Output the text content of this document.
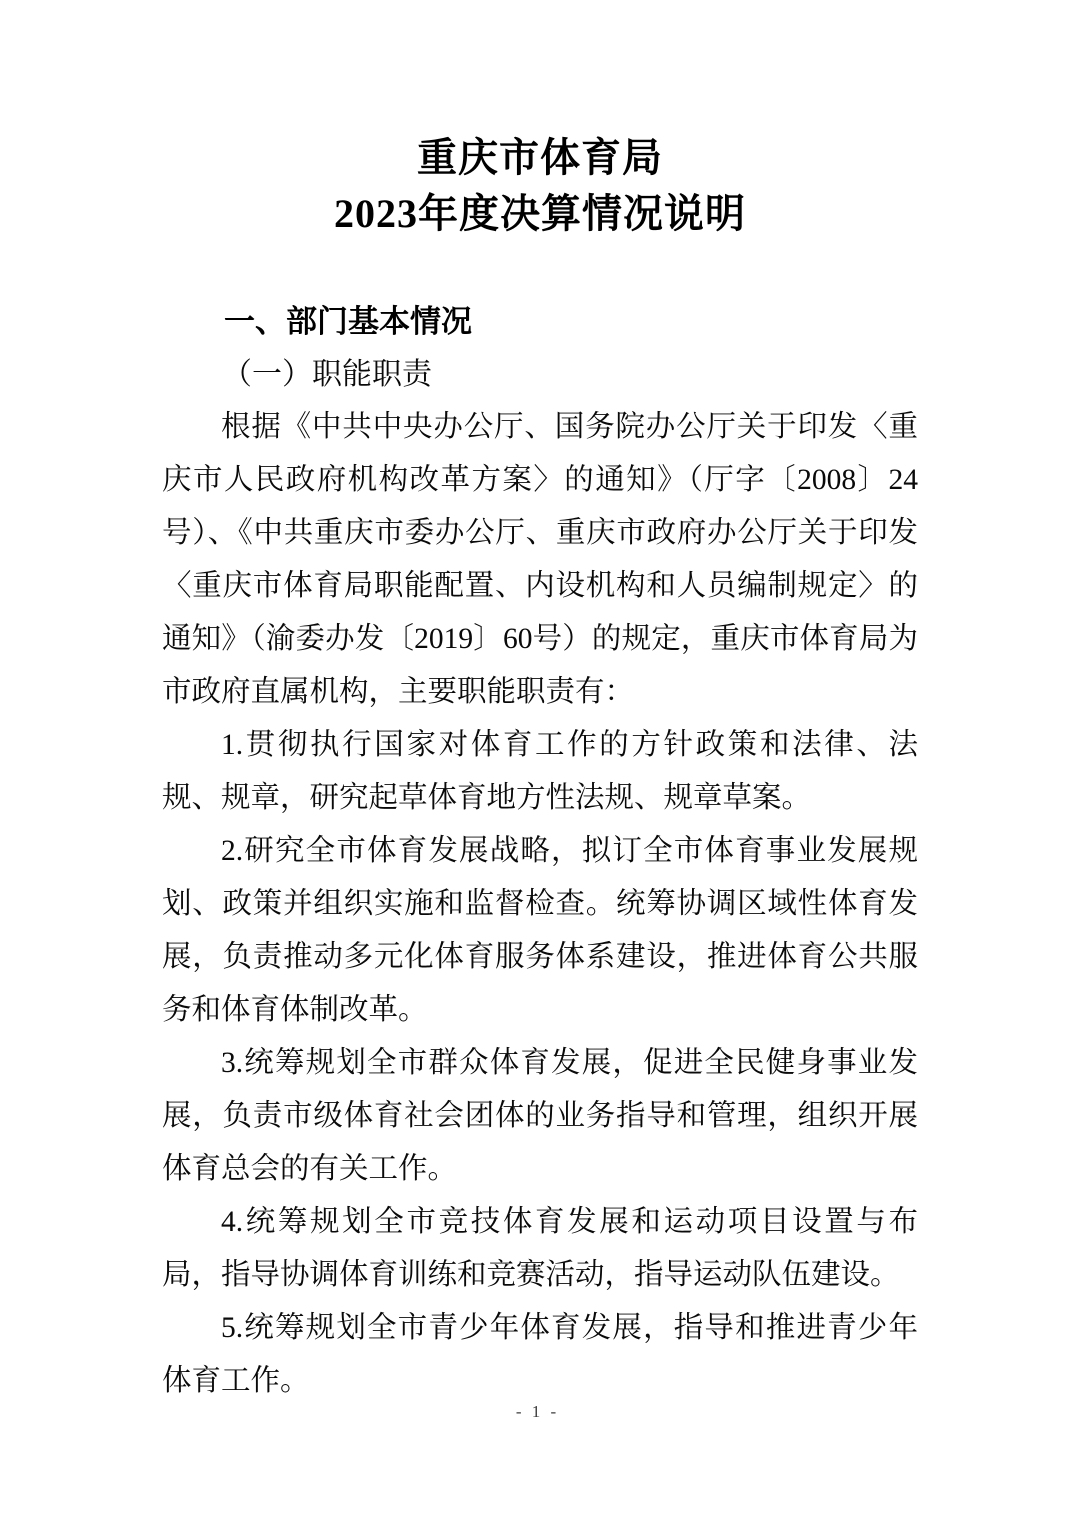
重庆市体育局
2023年度决算情况说明
一、部门基本情况
（一）职能职责

根据《中共中央办公厅、国务院办公厅关于印发〈重庆市人民政府机构改革方案〉的通知》（厅字〔2008〕24号）、《中共重庆市委办公厅、重庆市政府办公厅关于印发〈重庆市体育局职能配置、内设机构和人员编制规定〉的通知》（渝委办发〔2019〕60号）的规定，重庆市体育局为市政府直属机构，主要职能职责有：

1.贯彻执行国家对体育工作的方针政策和法律、法规、规章，研究起草体育地方性法规、规章草案。

2.研究全市体育发展战略，拟订全市体育事业发展规划、政策并组织实施和监督检查。统筹协调区域性体育发展，负责推动多元化体育服务体系建设，推进体育公共服务和体育体制改革。

3.统筹规划全市群众体育发展，促进全民健身事业发展，负责市级体育社会团体的业务指导和管理，组织开展体育总会的有关工作。

4.统筹规划全市竞技体育发展和运动项目设置与布局，指导协调体育训练和竞赛活动，指导运动队伍建设。

5.统筹规划全市青少年体育发展，指导和推进青少年体育工作。

- 1 -
